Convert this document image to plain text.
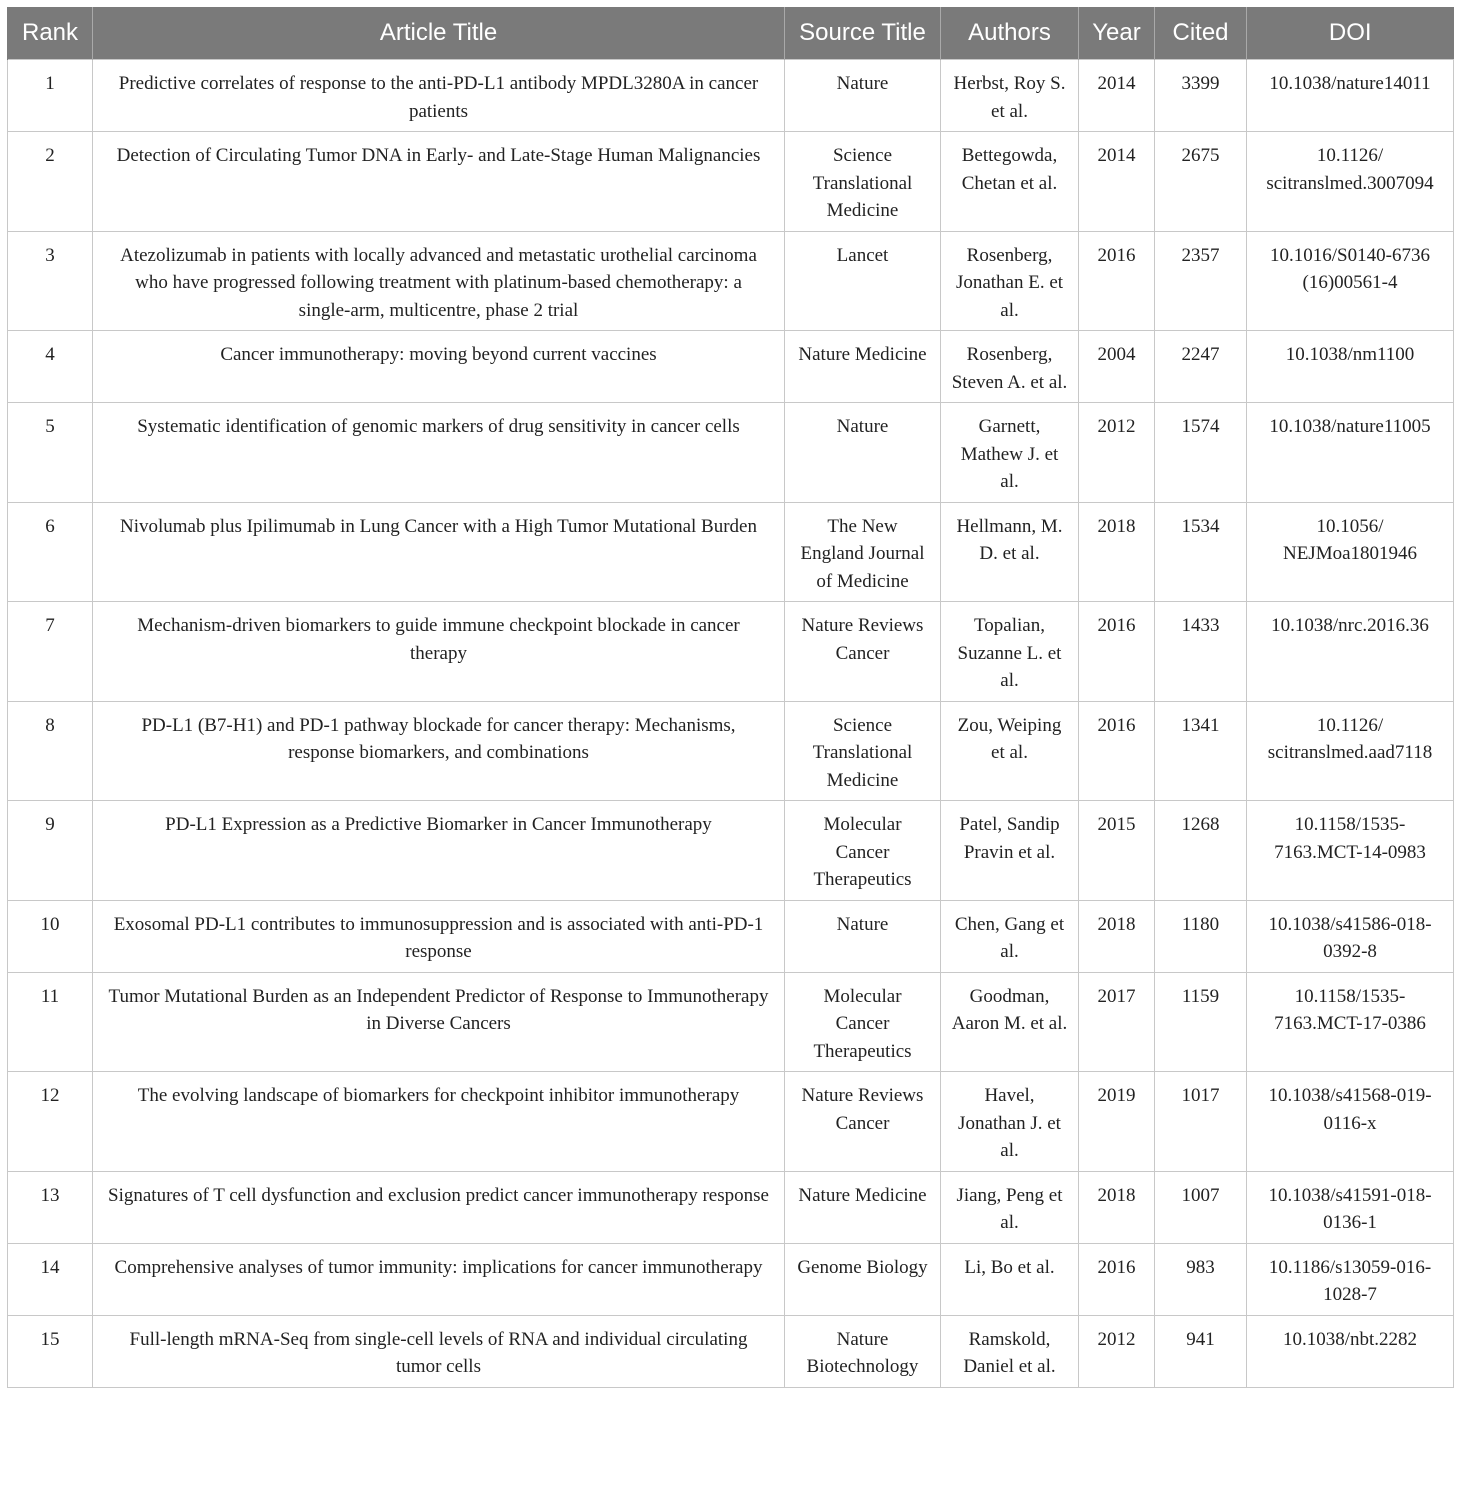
Rank	Article Title	Source Title	Authors	Year	Cited	DOI
1	Predictive correlates of response to the anti-PD-L1 antibody MPDL3280A in cancer patients	Nature	Herbst, Roy S. et al.	2014	3399	10.1038/nature14011
2	Detection of Circulating Tumor DNA in Early- and Late-Stage Human Malignancies	Science Translational Medicine	Bettegowda, Chetan et al.	2014	2675	10.1126/ scitranslmed.3007094
3	Atezolizumab in patients with locally advanced and metastatic urothelial carcinoma who have progressed following treatment with platinum-based chemotherapy: a single-arm, multicentre, phase 2 trial	Lancet	Rosenberg, Jonathan E. et al.	2016	2357	10.1016/S0140-6736 (16)00561-4
4	Cancer immunotherapy: moving beyond current vaccines	Nature Medicine	Rosenberg, Steven A. et al.	2004	2247	10.1038/nm1100
5	Systematic identification of genomic markers of drug sensitivity in cancer cells	Nature	Garnett, Mathew J. et al.	2012	1574	10.1038/nature11005
6	Nivolumab plus Ipilimumab in Lung Cancer with a High Tumor Mutational Burden	The New England Journal of Medicine	Hellmann, M. D. et al.	2018	1534	10.1056/ NEJMoa1801946
7	Mechanism-driven biomarkers to guide immune checkpoint blockade in cancer therapy	Nature Reviews Cancer	Topalian, Suzanne L. et al.	2016	1433	10.1038/nrc.2016.36
8	PD-L1 (B7-H1) and PD-1 pathway blockade for cancer therapy: Mechanisms, response biomarkers, and combinations	Science Translational Medicine	Zou, Weiping et al.	2016	1341	10.1126/ scitranslmed.aad7118
9	PD-L1 Expression as a Predictive Biomarker in Cancer Immunotherapy	Molecular Cancer Therapeutics	Patel, Sandip Pravin et al.	2015	1268	10.1158/1535- 7163.MCT-14-0983
10	Exosomal PD-L1 contributes to immunosuppression and is associated with anti-PD-1 response	Nature	Chen, Gang et al.	2018	1180	10.1038/s41586-018- 0392-8
11	Tumor Mutational Burden as an Independent Predictor of Response to Immunotherapy in Diverse Cancers	Molecular Cancer Therapeutics	Goodman, Aaron M. et al.	2017	1159	10.1158/1535- 7163.MCT-17-0386
12	The evolving landscape of biomarkers for checkpoint inhibitor immunotherapy	Nature Reviews Cancer	Havel, Jonathan J. et al.	2019	1017	10.1038/s41568-019- 0116-x
13	Signatures of T cell dysfunction and exclusion predict cancer immunotherapy response	Nature Medicine	Jiang, Peng et al.	2018	1007	10.1038/s41591-018- 0136-1
14	Comprehensive analyses of tumor immunity: implications for cancer immunotherapy	Genome Biology	Li, Bo et al.	2016	983	10.1186/s13059-016- 1028-7
15	Full-length mRNA-Seq from single-cell levels of RNA and individual circulating tumor cells	Nature Biotechnology	Ramskold, Daniel et al.	2012	941	10.1038/nbt.2282
